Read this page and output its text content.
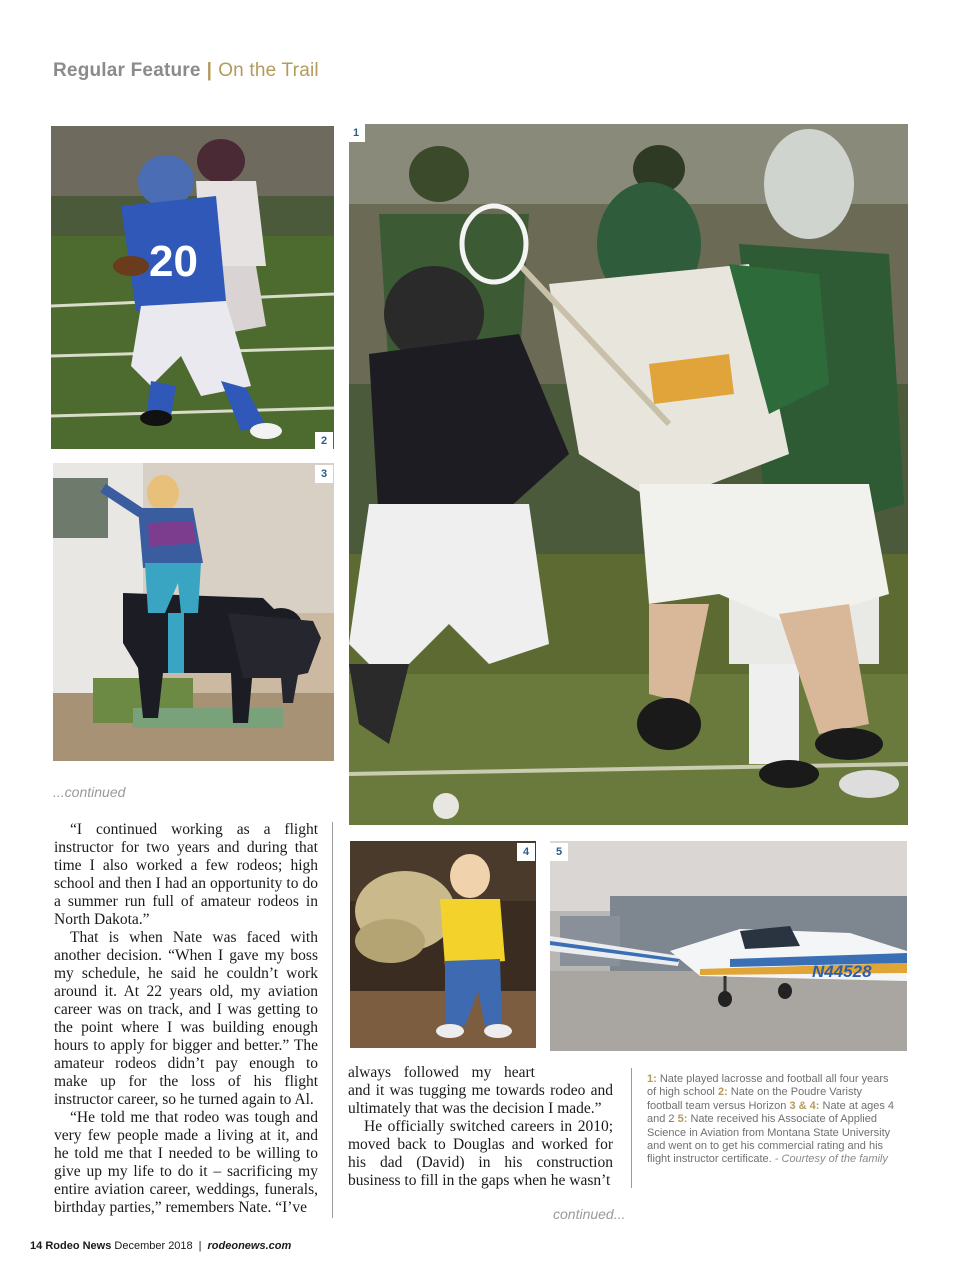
Regular Feature | On the Trail
20
2
3
1
4
N44528
5
...continued

“I continued working as a flight instructor for two years and during that time I also worked a few rodeos; high school and then I had an opportunity to do a summer run full of amateur rodeos in North Dakota.”

That is when Nate was faced with another decision. “When I gave my boss my schedule, he said he couldn’t work around it. At 22 years old, my aviation career was on track, and I was getting to the point where I was building enough hours to apply for bigger and better.” The amateur rodeos didn’t pay enough to make up for the loss of his flight instructor career, so he turned again to Al.

“He told me that rodeo was tough and very few people made a living at it, and he told me that I needed to be willing to give up my life to do it – sacrificing my entire aviation career, weddings, funerals, birthday parties,” remembers Nate. “I’ve

always followed my heart

and it was tugging me towards rodeo and ultimately that was the decision I made.”

He officially switched careers in 2010; moved back to Douglas and worked for his dad (David) in his construction business to fill in the gaps when he wasn’t

1: Nate played lacrosse and football all four years of high school 2: Nate on the Poudre Varisty football team versus Horizon 3 & 4: Nate at ages 4 and 2 5: Nate received his Associate of Applied Science in Aviation from Montana State University and went on to get his commercial rating and his flight instructor certificate. - Courtesy of the family
continued...
14 Rodeo News December 2018 | rodeonews.com
